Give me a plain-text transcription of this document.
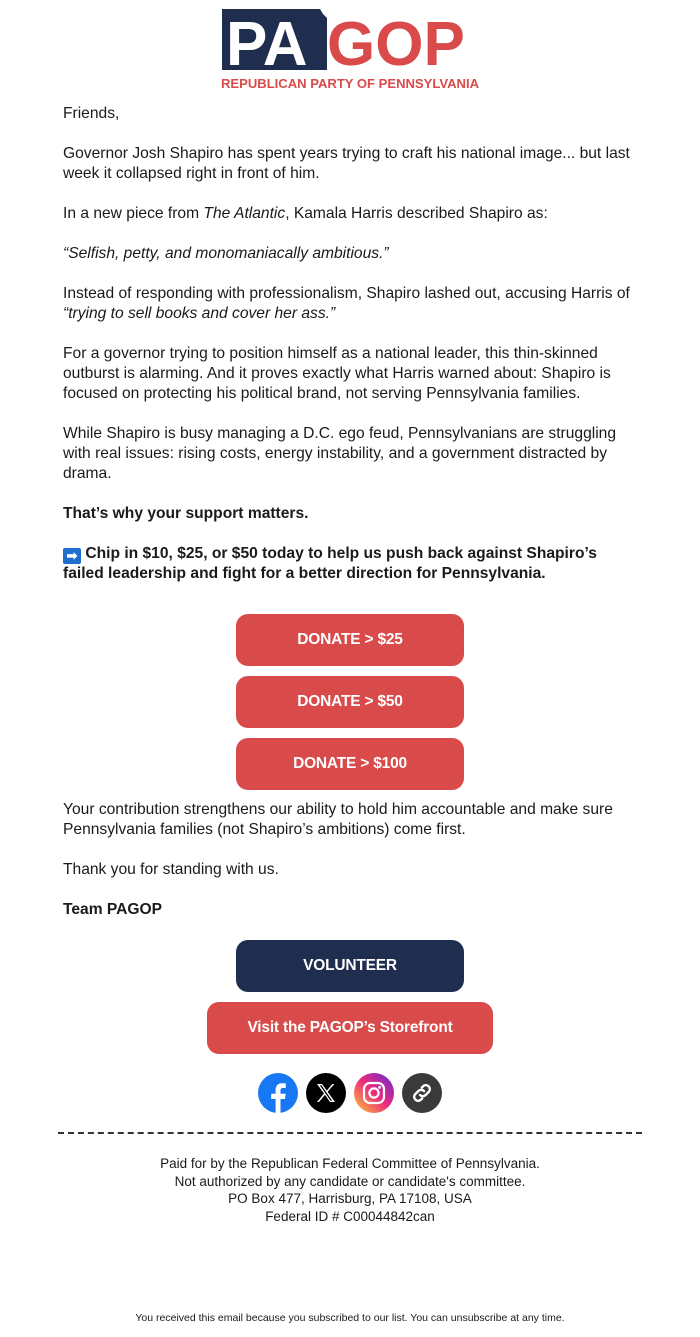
PA GOP
REPUBLICAN PARTY OF PENNSYLVANIA

Friends,

Governor Josh Shapiro has spent years trying to craft his national image... but last week it collapsed right in front of him.

In a new piece from The Atlantic, Kamala Harris described Shapiro as:

“Selfish, petty, and monomaniacally ambitious.”

Instead of responding with professionalism, Shapiro lashed out, accusing Harris of “trying to sell books and cover her ass.”

For a governor trying to position himself as a national leader, this thin-skinned outburst is alarming. And it proves exactly what Harris warned about: Shapiro is focused on protecting his political brand, not serving Pennsylvania families.

While Shapiro is busy managing a D.C. ego feud, Pennsylvanians are struggling with real issues: rising costs, energy instability, and a government distracted by drama.

That’s why your support matters.

➡ Chip in $10, $25, or $50 today to help us push back against Shapiro’s failed leadership and fight for a better direction for Pennsylvania.
DONATE > $25
DONATE > $50
DONATE > $100

Your contribution strengthens our ability to hold him accountable and make sure Pennsylvania families (not Shapiro’s ambitions) come first.

Thank you for standing with us.

Team PAGOP

VOLUNTEER
Visit the PAGOP’s Storefront
Paid for by the Republican Federal Committee of Pennsylvania.
Not authorized by any candidate or candidate's committee.
PO Box 477, Harrisburg, PA 17108, USA
Federal ID # C00044842can
You received this email because you subscribed to our list. You can unsubscribe at any time.
